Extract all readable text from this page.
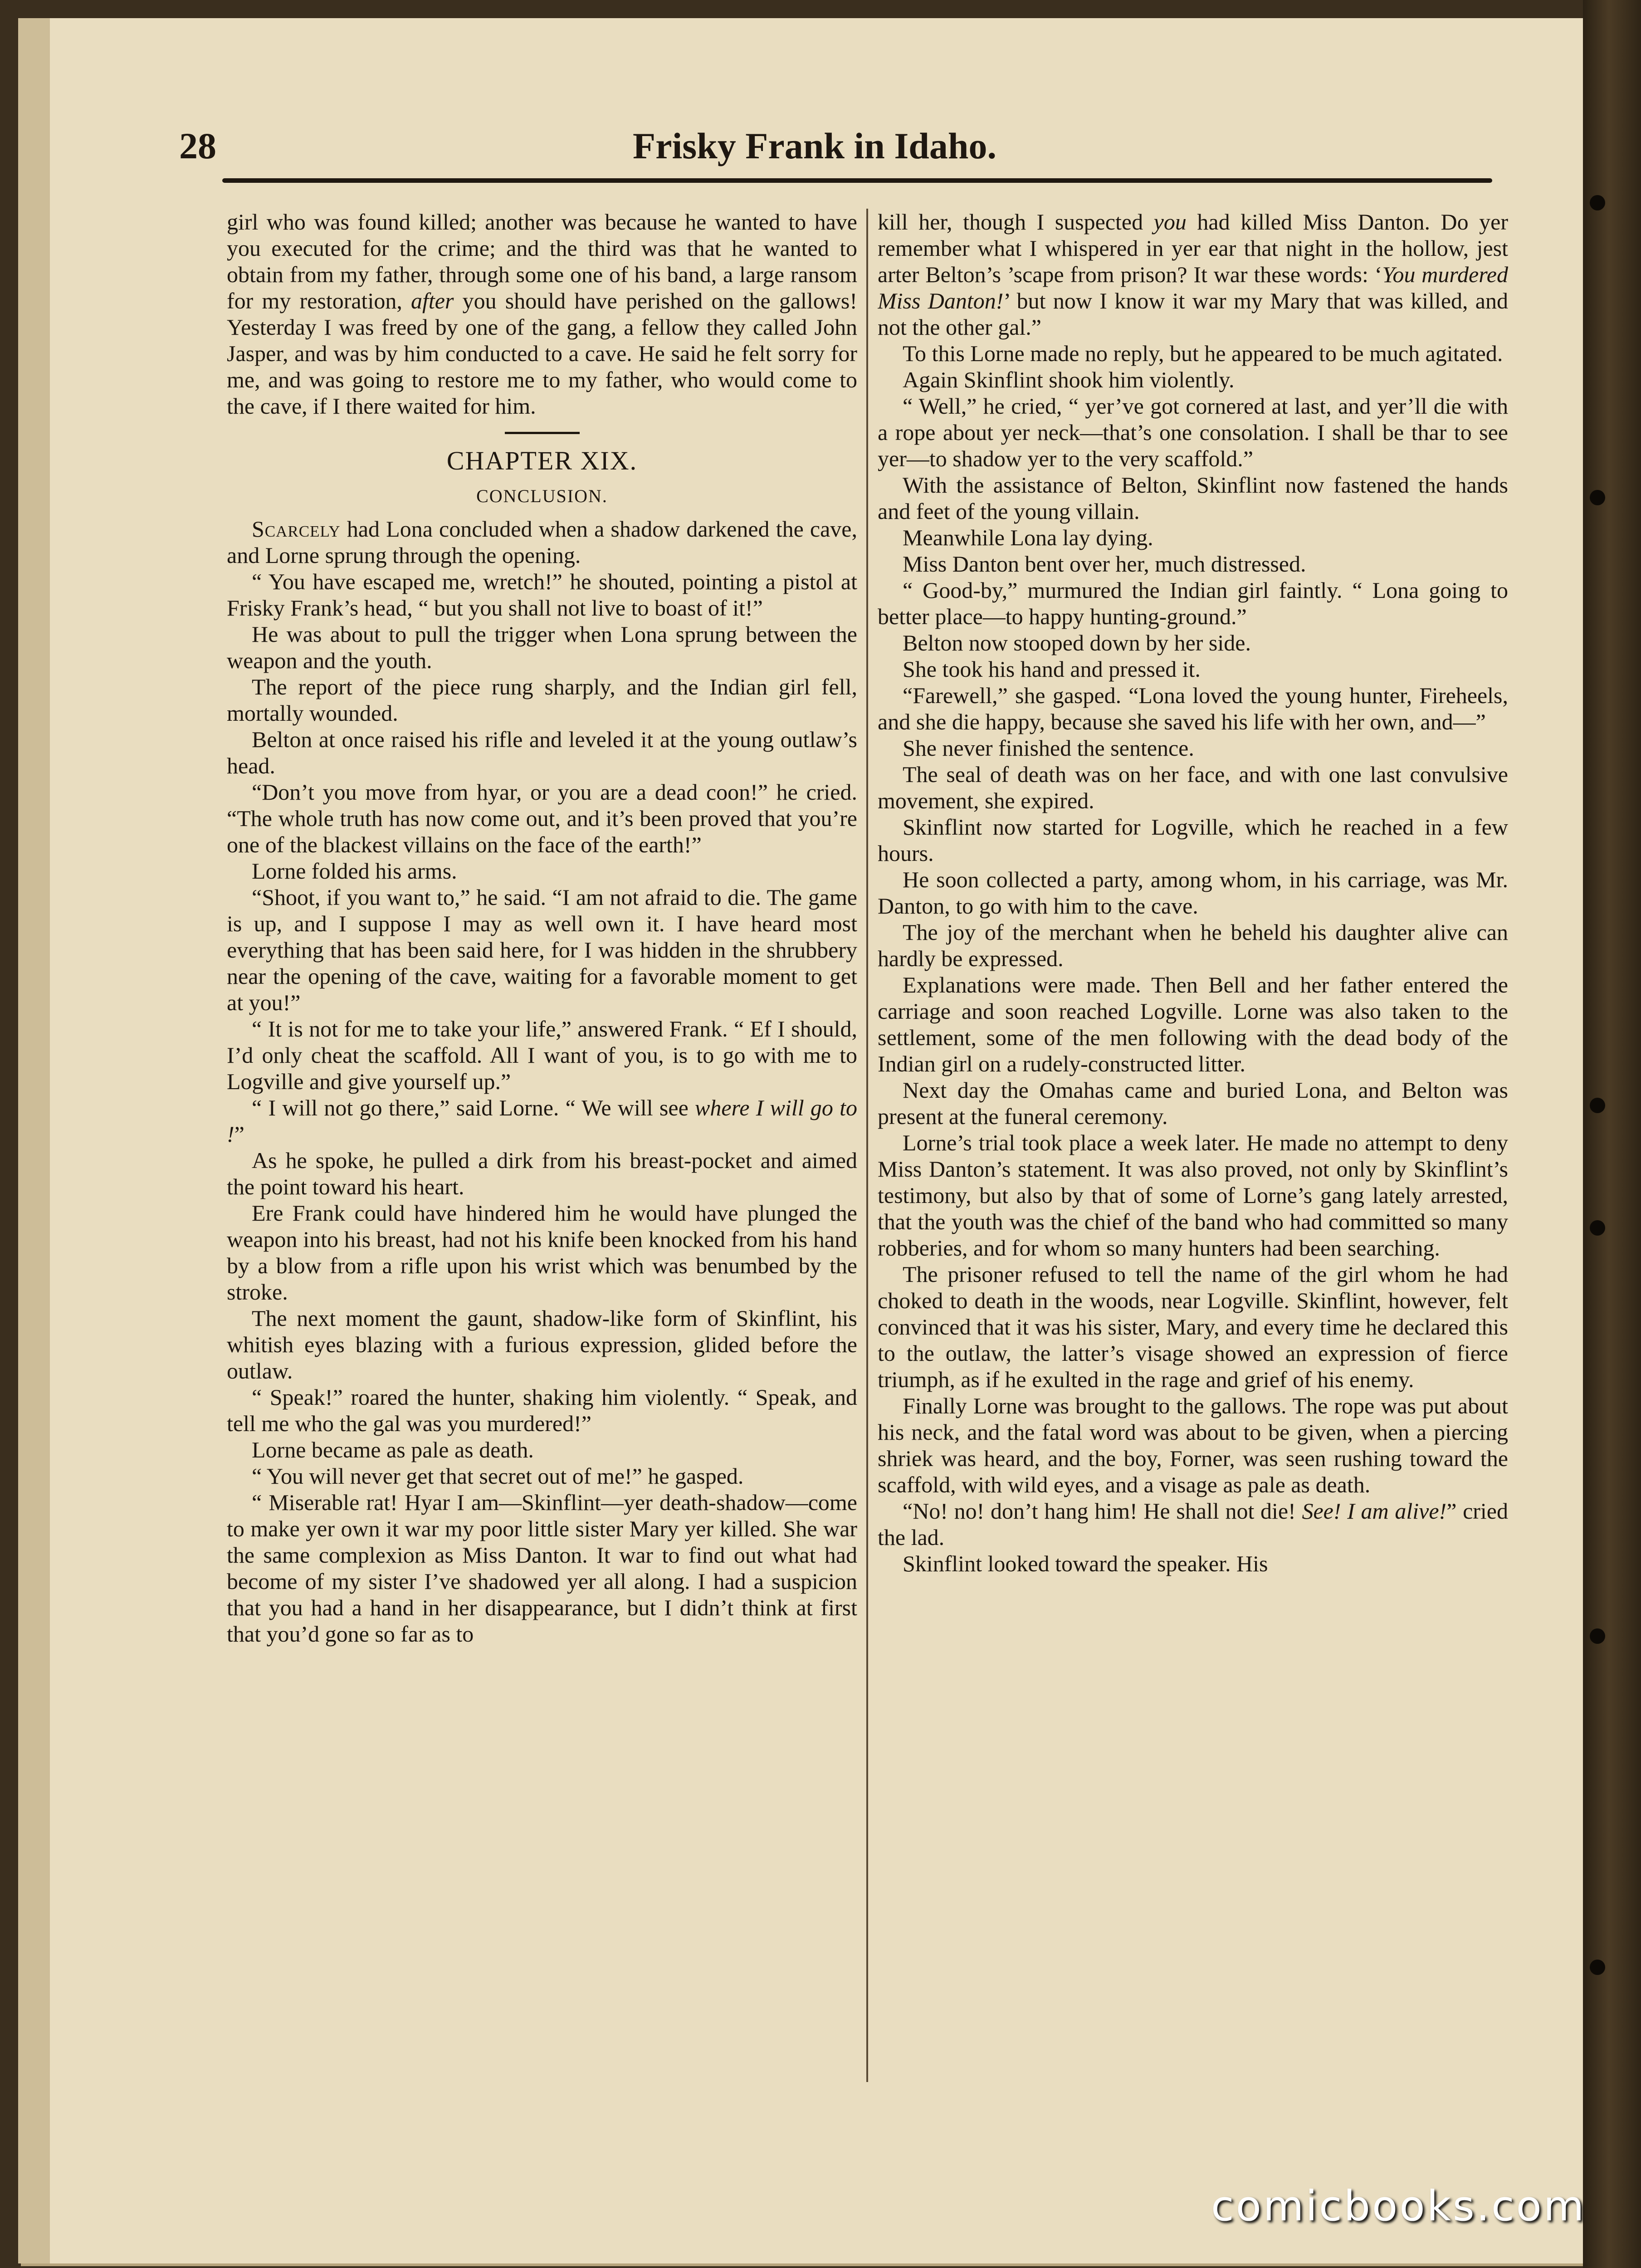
28	Frisky Frank in Idaho.

girl who was found killed; another was because he wanted to have you executed for the crime; and the third was that he wanted to obtain from my father, through some one of his band, a large ransom for my restoration, after you should have perished on the gallows! Yesterday I was freed by one of the gang, a fellow they called John Jasper, and was by him conducted to a cave. He said he felt sorry for me, and was going to restore me to my father, who would come to the cave, if I there waited for him.

CHAPTER XIX.
CONCLUSION.

Scarcely had Lona concluded when a shadow darkened the cave, and Lorne sprung through the opening.

“ You have escaped me, wretch!” he shouted, pointing a pistol at Frisky Frank’s head, “ but you shall not live to boast of it!”

He was about to pull the trigger when Lona sprung between the weapon and the youth.

The report of the piece rung sharply, and the Indian girl fell, mortally wounded.

Belton at once raised his rifle and leveled it at the young outlaw’s head.

“Don’t you move from hyar, or you are a dead coon!” he cried. “The whole truth has now come out, and it’s been proved that you’re one of the blackest villains on the face of the earth!”

Lorne folded his arms.

“Shoot, if you want to,” he said. “I am not afraid to die. The game is up, and I suppose I may as well own it. I have heard most everything that has been said here, for I was hidden in the shrubbery near the opening of the cave, waiting for a favorable moment to get at you!”

“ It is not for me to take your life,” answered Frank. “ Ef I should, I’d only cheat the scaffold. All I want of you, is to go with me to Logville and give yourself up.”

“ I will not go there,” said Lorne. “ We will see where I will go to !”

As he spoke, he pulled a dirk from his breast-pocket and aimed the point toward his heart.

Ere Frank could have hindered him he would have plunged the weapon into his breast, had not his knife been knocked from his hand by a blow from a rifle upon his wrist which was benumbed by the stroke.

The next moment the gaunt, shadow-like form of Skinflint, his whitish eyes blazing with a furious expression, glided before the outlaw.

“ Speak!” roared the hunter, shaking him violently. “ Speak, and tell me who the gal was you murdered!”

Lorne became as pale as death.

“ You will never get that secret out of me!” he gasped.

“ Miserable rat! Hyar I am—Skinflint—yer death-shadow—come to make yer own it war my poor little sister Mary yer killed. She war the same complexion as Miss Danton. It war to find out what had become of my sister I’ve shadowed yer all along. I had a suspicion that you had a hand in her disappearance, but I didn’t think at first that you’d gone so far as to

kill her, though I suspected you had killed Miss Danton. Do yer remember what I whispered in yer ear that night in the hollow, jest arter Belton’s ’scape from prison? It war these words: ‘You murdered Miss Danton!’ but now I know it war my Mary that was killed, and not the other gal.”

To this Lorne made no reply, but he appeared to be much agitated.

Again Skinflint shook him violently.

“ Well,” he cried, “ yer’ve got cornered at last, and yer’ll die with a rope about yer neck—that’s one consolation. I shall be thar to see yer—to shadow yer to the very scaffold.”

With the assistance of Belton, Skinflint now fastened the hands and feet of the young villain.

Meanwhile Lona lay dying.

Miss Danton bent over her, much distressed.

“ Good-by,” murmured the Indian girl faintly. “ Lona going to better place—to happy hunting-ground.”

Belton now stooped down by her side.

She took his hand and pressed it.

“Farewell,” she gasped. “Lona loved the young hunter, Fireheels, and she die happy, because she saved his life with her own, and—”

She never finished the sentence.

The seal of death was on her face, and with one last convulsive movement, she expired.

Skinflint now started for Logville, which he reached in a few hours.

He soon collected a party, among whom, in his carriage, was Mr. Danton, to go with him to the cave.

The joy of the merchant when he beheld his daughter alive can hardly be expressed.

Explanations were made. Then Bell and her father entered the carriage and soon reached Logville. Lorne was also taken to the settlement, some of the men following with the dead body of the Indian girl on a rudely-constructed litter.

Next day the Omahas came and buried Lona, and Belton was present at the funeral ceremony.

Lorne’s trial took place a week later. He made no attempt to deny Miss Danton’s statement. It was also proved, not only by Skinflint’s testimony, but also by that of some of Lorne’s gang lately arrested, that the youth was the chief of the band who had committed so many robberies, and for whom so many hunters had been searching.

The prisoner refused to tell the name of the girl whom he had choked to death in the woods, near Logville. Skinflint, however, felt convinced that it was his sister, Mary, and every time he declared this to the outlaw, the latter’s visage showed an expression of fierce triumph, as if he exulted in the rage and grief of his enemy.

Finally Lorne was brought to the gallows. The rope was put about his neck, and the fatal word was about to be given, when a piercing shriek was heard, and the boy, Forner, was seen rushing toward the scaffold, with wild eyes, and a visage as pale as death.

“No! no! don’t hang him! He shall not die! See! I am alive!” cried the lad.

Skinflint looked toward the speaker. His

comicbooks.com
